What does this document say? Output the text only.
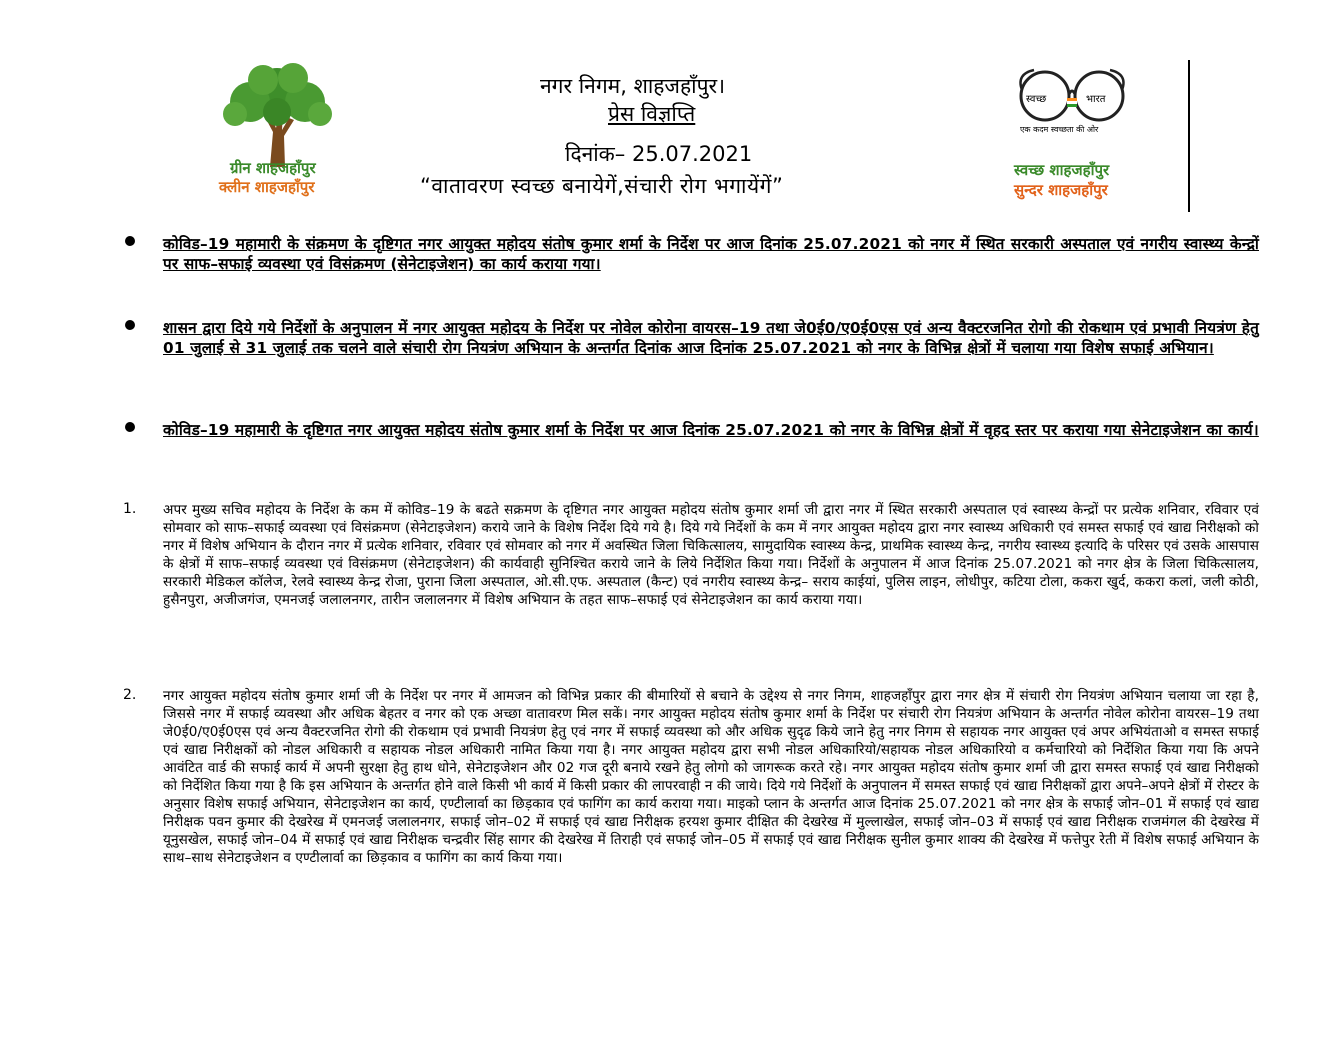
ग्रीन शाहजहाँपुर
क्लीन शाहजहाँपुर
नगर निगम, शाहजहाँपुर।
प्रेस विज्ञप्ति
दिनांक– 25.07.2021
“वातावरण स्वच्छ बनायेगें,संचारी रोग भगायेंगें”
स्वच्छ	भारत
एक कदम स्वच्छता की ओर
स्वच्छ शाहजहाँपुर
सुन्दर शाहजहाँपुर
कोविड–19 महामारी के संक्रमण के दृष्टिगत नगर आयुक्त महोदय संतोष कुमार शर्मा के निर्देश पर आज दिनांक 25.07.2021 को नगर में स्थित सरकारी अस्पताल एवं नगरीय स्वास्थ्य केन्द्रों पर साफ–सफाई व्यवस्था एवं विसंक्रमण (सेनेटाइजेशन) का कार्य कराया गया।
शासन द्वारा दिये गये निर्देशों के अनुपालन में नगर आयुक्त महोदय के निर्देश पर नोवेल कोरोना वायरस–19 तथा जे0ई0/ए0ई0एस एवं अन्य वैक्टरजनित रोगो की रोकथाम एवं प्रभावी नियत्रंण हेतु 01 जुलाई से 31 जुलाई तक चलने वाले संचारी रोग नियत्रंण अभियान के अन्तर्गत दिनांक आज दिनांक 25.07.2021 को नगर के विभिन्न क्षेत्रों में चलाया गया विशेष सफाई अभियान।
कोविड–19 महामारी के दृष्टिगत नगर आयुक्त महोदय संतोष कुमार शर्मा के निर्देश पर आज दिनांक 25.07.2021 को नगर के विभिन्न क्षेत्रों में वृहद स्तर पर कराया गया सेनेटाइजेशन का कार्य।
1. अपर मुख्य सचिव महोदय के निर्देश के कम में कोविड–19 के बढते सक्रमण के दृष्टिगत नगर आयुक्त महोदय संतोष कुमार शर्मा जी द्वारा नगर में स्थित सरकारी अस्पताल एवं स्वास्थ्य केन्द्रों पर प्रत्येक शनिवार, रविवार एवं सोमवार को साफ–सफाई व्यवस्था एवं विसंक्रमण (सेनेटाइजेशन) कराये जाने के विशेष निर्देश दिये गये है। दिये गये निर्देशों के कम में नगर आयुक्त महोदय द्वारा नगर स्वास्थ्य अधिकारी एवं समस्त सफाई एवं खाद्य निरीक्षको को नगर में विशेष अभियान के दौरान नगर में प्रत्येक शनिवार, रविवार एवं सोमवार को नगर में अवस्थित जिला चिकित्सालय, सामुदायिक स्वास्थ्य केन्द्र, प्राथमिक स्वास्थ्य केन्द्र, नगरीय स्वास्थ्य इत्यादि के परिसर एवं उसके आसपास के क्षेत्रों में साफ–सफाई व्यवस्था एवं विसंक्रमण (सेनेटाइजेशन) की कार्यवाही सुनिश्चित कराये जाने के लिये निर्देशित किया गया। निर्देशों के अनुपालन में आज दिनांक 25.07.2021 को नगर क्षेत्र के जिला चिकित्सालय, सरकारी मेडिकल कॉलेज, रेलवे स्वास्थ्य केन्द्र रोजा, पुराना जिला अस्पताल, ओ.सी.एफ. अस्पताल (कैन्ट) एवं नगरीय स्वास्थ्य केन्द्र– सराय काईयां, पुलिस लाइन, लोधीपुर, कटिया टोला, ककरा खुर्द, ककरा कलां, जली कोठी, हुसैनपुरा, अजीजगंज, एमनजई जलालनगर, तारीन जलालनगर में विशेष अभियान के तहत साफ–सफाई एवं सेनेटाइजेशन का कार्य कराया गया।
2. नगर आयुक्त महोदय संतोष कुमार शर्मा जी के निर्देश पर नगर में आमजन को विभिन्न प्रकार की बीमारियों से बचाने के उद्देश्य से नगर निगम, शाहजहाँपुर द्वारा नगर क्षेत्र में संचारी रोग नियत्रंण अभियान चलाया जा रहा है, जिससे नगर में सफाई व्यवस्था और अधिक बेहतर व नगर को एक अच्छा वातावरण मिल सकें। नगर आयुक्त महोदय संतोष कुमार शर्मा के निर्देश पर संचारी रोग नियत्रंण अभियान के अन्तर्गत नोवेल कोरोना वायरस–19 तथा जे0ई0/ए0ई0एस एवं अन्य वैक्टरजनित रोगो की रोकथाम एवं प्रभावी नियत्रंण हेतु एवं नगर में सफाई व्यवस्था को और अधिक सुदृढ किये जाने हेतु नगर निगम से सहायक नगर आयुक्त एवं अपर अभियंताओ व समस्त सफाई एवं खाद्य निरीक्षकों को नोडल अधिकारी व सहायक नोडल अधिकारी नामित किया गया है। नगर आयुक्त महोदय द्वारा सभी नोडल अधिकारियो/सहायक नोडल अधिकारियो व कर्मचारियो को निर्देशित किया गया कि अपने आवंटित वार्ड की सफाई कार्य में अपनी सुरक्षा हेतु हाथ धोने, सेनेटाइजेशन और 02 गज दूरी बनाये रखने हेतु लोगो को जागरूक करते रहे। नगर आयुक्त महोदय संतोष कुमार शर्मा जी द्वारा समस्त सफाई एवं खाद्य निरीक्षको को निर्देशित किया गया है कि इस अभियान के अन्तर्गत होने वाले किसी भी कार्य में किसी प्रकार की लापरवाही न की जाये। दिये गये निर्देशों के अनुपालन में समस्त सफाई एवं खाद्य निरीक्षकों द्वारा अपने–अपने क्षेत्रों में रोस्टर के अनुसार विशेष सफाई अभियान, सेनेटाइजेशन का कार्य, एण्टीलार्वा का छिड़काव एवं फागिंग का कार्य कराया गया। माइको प्लान के अन्तर्गत आज दिनांक 25.07.2021 को नगर क्षेत्र के सफाई जोन–01 में सफाई एवं खाद्य निरीक्षक पवन कुमार की देखरेख में एमनजई जलालनगर, सफाई जोन–02 में सफाई एवं खाद्य निरीक्षक हरयश कुमार दीक्षित की देखरेख में मुल्लाखेल, सफाई जोन–03 में सफाई एवं खाद्य निरीक्षक राजमंगल की देखरेख में यूनुसखेल, सफाई जोन–04 में सफाई एवं खाद्य निरीक्षक चन्द्रवीर सिंह सागर की देखरेख में तिराही एवं सफाई जोन–05 में सफाई एवं खाद्य निरीक्षक सुनील कुमार शाक्य की देखरेख में फत्तेपुर रेती में विशेष सफाई अभियान के साथ–साथ सेनेटाइजेशन व एण्टीलार्वा का छिड़काव व फागिंग का कार्य किया गया।
